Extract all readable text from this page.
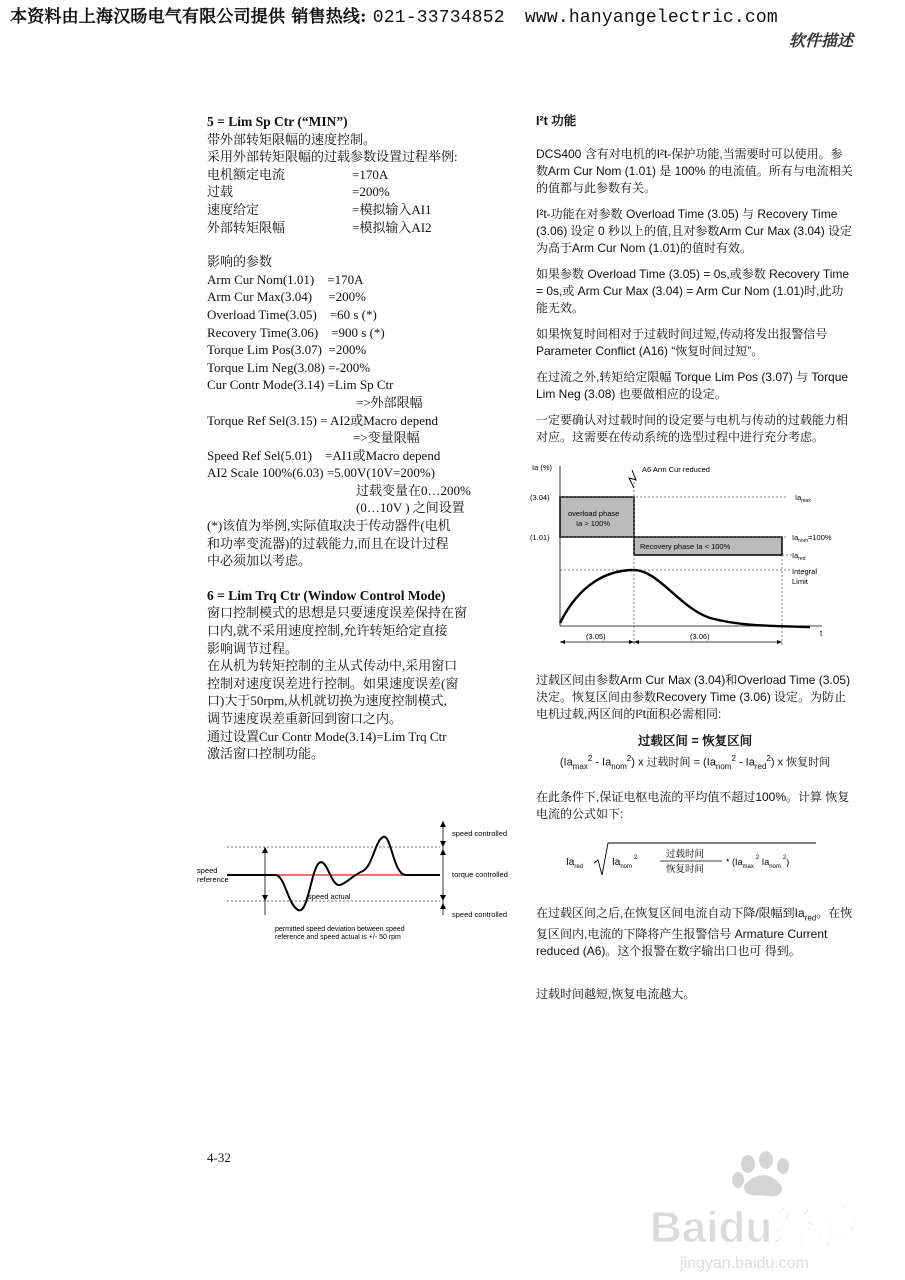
本资料由上海汉旸电气有限公司提供 销售热线: 021-33734852 www.hanyangelectric.com
软件描述
5 = Lim Sp Ctr (“MIN”)
带外部转矩限幅的速度控制。
采用外部转矩限幅的过载参数设置过程举例:
电机额定电流	=170A
过载	=200%
速度给定	=模拟输入AI1
外部转矩限幅	=模拟输入AI2
影响的参数
Arm Cur Nom(1.01)    =170A
Arm Cur Max(3.04)     =200%
Overload Time(3.05)    =60 s (*)
Recovery Time(3.06)    =900 s (*)
Torque Lim Pos(3.07)  =200%
Torque Lim Neg(3.08) =-200%
Cur Contr Mode(3.14) =Lim Sp Ctr
=>外部限幅
Torque Ref Sel(3.15) = AI2或Macro depend
=>变量限幅
Speed Ref Sel(5.01)    =AI1或Macro depend
AI2 Scale 100%(6.03) =5.00V(10V=200%)
过载变量在0…200%
(0…10V ) 之间设置
(*)该值为举例,实际值取决于传动器件(电机
和功率变流器)的过载能力,而且在设计过程
中必须加以考虑。
6 = Lim Trq Ctr (Window Control Mode)
窗口控制模式的思想是只要速度误差保持在窗
口内,就不采用速度控制,允许转矩给定直接
影响调节过程。
在从机为转矩控制的主从式传动中,采用窗口
控制对速度误差进行控制。如果速度误差(窗
口)大于50rpm,从机就切换为速度控制模式,
调节速度误差重新回到窗口之内。
通过设置Cur Contr Mode(3.14)=Lim Trq Ctr
激活窗口控制功能。
speed controlled
torque controlled
speed controlled
speed
reference
speed actual
permitted speed deviation between speed
reference and speed actual is +/- 50 rpm
I²t 功能

DCS400 含有对电机的I²t-保护功能,当需要时可以使用。参数Arm Cur Nom (1.01) 是 100% 的电流值。所有与电流相关的值都与此参数有关。

I²t-功能在对参数 Overload Time (3.05) 与 Recovery Time (3.06) 设定 0 秒以上的值,且对参数Arm Cur Max (3.04) 设定为高于Arm Cur Nom (1.01)的值时有效。

如果参数 Overload Time (3.05) = 0s,或参数 Recovery Time = 0s,或 Arm Cur Max (3.04) = Arm Cur Nom (1.01)时,此功能无效。

如果恢复时间相对于过载时间过短,传动将发出报警信号Parameter Conflict (A16) “恢复时间过短”。

在过流之外,转矩给定限幅 Torque Lim Pos (3.07) 与 Torque Lim Neg (3.08) 也要做相应的设定。

一定要确认对过载时间的设定要与电机与传动的过载能力相对应。这需要在传动系统的选型过程中进行充分考虑。

Ia (%)
(3.04)
(1.01)
overload phase
Ia > 100%
Recovery phase Ia < 100%
A6 Arm Cur reduced
$Ia_{max}$
$Ia_{nom}=100\%$
$Ia_{red}$
Integral
Limit
(3.05)	(3.06)	t

过载区间由参数Arm Cur Max (3.04)和Overload Time (3.05)决定。恢复区间由参数Recovery Time (3.06) 设定。为防止电机过载,两区间的I²t面积必需相同:

过载区间 = 恢复区间
$(Ia_{max}^2 - Ia_{nom}^2)$ x 过载时间 = $(Ia_{nom}^2 - Ia_{red}^2)$ x 恢复时间

在此条件下,保证电枢电流的平均值不超过100%。计算 恢复电流的公式如下:

$Ia_{red}$	$Ia_{nom}^2$	过载时间
恢复时间
* ($Ia_{max}^2$ $Ia_{nom}^2$)

在过载区间之后,在恢复区间电流自动下降/限幅到$Ia_{red}$。在恢复区间内,电流的下降将产生报警信号 Armature Current reduced (A6)。这个报警在数字输出口也可 得到。

过载时间越短,恢复电流越大。

4-32
Baidu经验
jingyan.baidu.com
